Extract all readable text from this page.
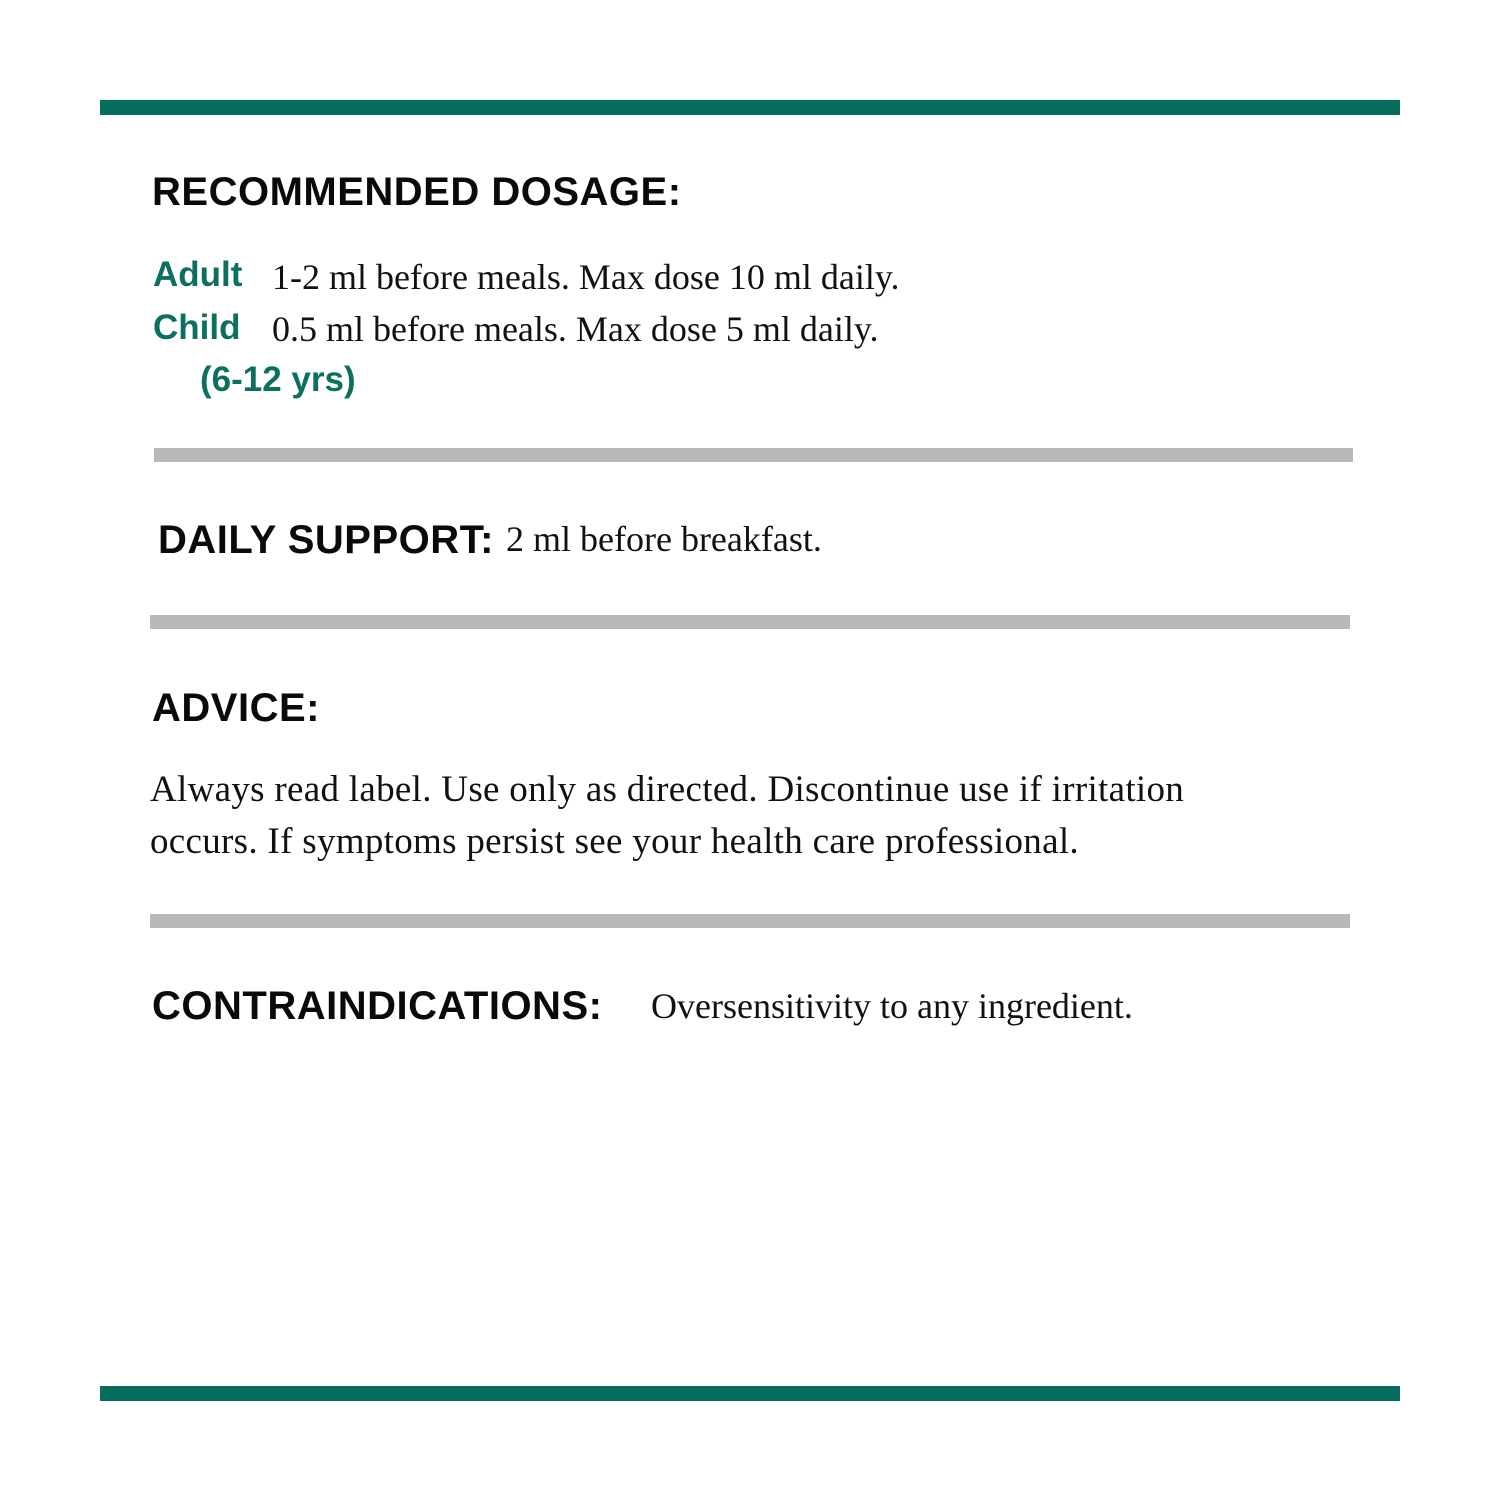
RECOMMENDED DOSAGE:
Adult 1-2 ml before meals. Max dose 10 ml daily.
Child 0.5 ml before meals. Max dose 5 ml daily.
(6-12 yrs)
DAILY SUPPORT: 2 ml before breakfast.
ADVICE:
Always read label. Use only as directed. Discontinue use if irritation
occurs. If symptoms persist see your health care professional.
CONTRAINDICATIONS: Oversensitivity to any ingredient.
